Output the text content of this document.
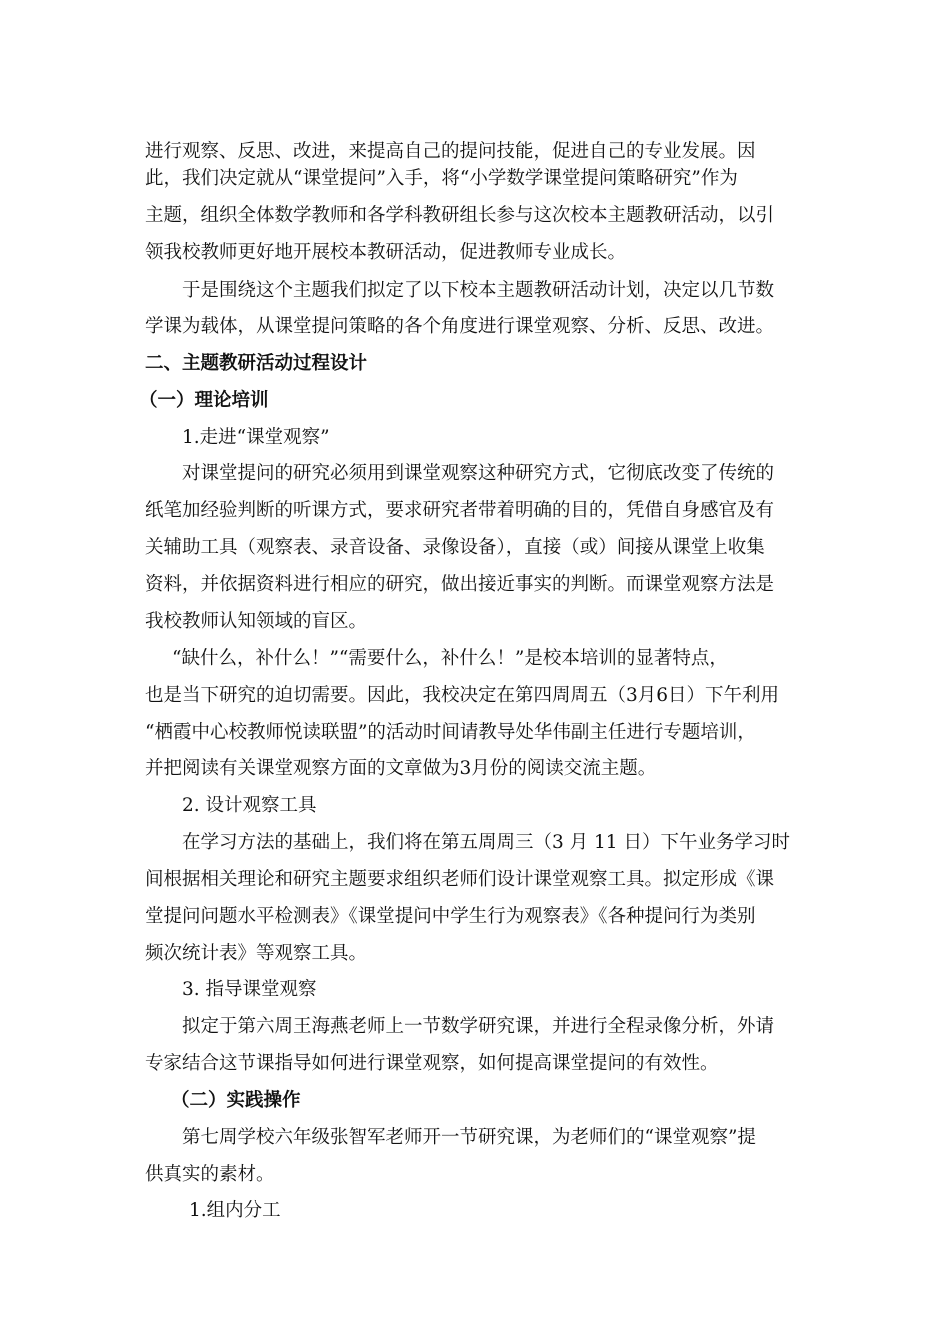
进行观察、反思、改进，来提高自己的提问技能，促进自己的专业发展。因
此，我们决定就从“课堂提问”入手，将“小学数学课堂提问策略研究”作为
主题，组织全体数学教师和各学科教研组长参与这次校本主题教研活动，以引
领我校教师更好地开展校本教研活动，促进教师专业成长。
于是围绕这个主题我们拟定了以下校本主题教研活动计划，决定以几节数
学课为载体，从课堂提问策略的各个角度进行课堂观察、分析、反思、改进。
二、主题教研活动过程设计
（一）理论培训
1.走进“课堂观察”
对课堂提问的研究必须用到课堂观察这种研究方式，它彻底改变了传统的
纸笔加经验判断的听课方式，要求研究者带着明确的目的，凭借自身感官及有
关辅助工具（观察表、录音设备、录像设备），直接（或）间接从课堂上收集
资料，并依据资料进行相应的研究，做出接近事实的判断。而课堂观察方法是
我校教师认知领域的盲区。
“缺什么，补什么！”“需要什么，补什么！”是校本培训的显著特点，
也是当下研究的迫切需要。因此，我校决定在第四周周五（3月6日）下午利用
“栖霞中心校教师悦读联盟”的活动时间请教导处华伟副主任进行专题培训，
并把阅读有关课堂观察方面的文章做为3月份的阅读交流主题。
2. 设计观察工具
在学习方法的基础上，我们将在第五周周三（3 月 11 日）下午业务学习时
间根据相关理论和研究主题要求组织老师们设计课堂观察工具。拟定形成《课
堂提问问题水平检测表》《课堂提问中学生行为观察表》《各种提问行为类别
频次统计表》等观察工具。
3. 指导课堂观察
拟定于第六周王海燕老师上一节数学研究课，并进行全程录像分析，外请
专家结合这节课指导如何进行课堂观察，如何提高课堂提问的有效性。
（二）实践操作
第七周学校六年级张智军老师开一节研究课，为老师们的“课堂观察”提
供真实的素材。
1.组内分工
